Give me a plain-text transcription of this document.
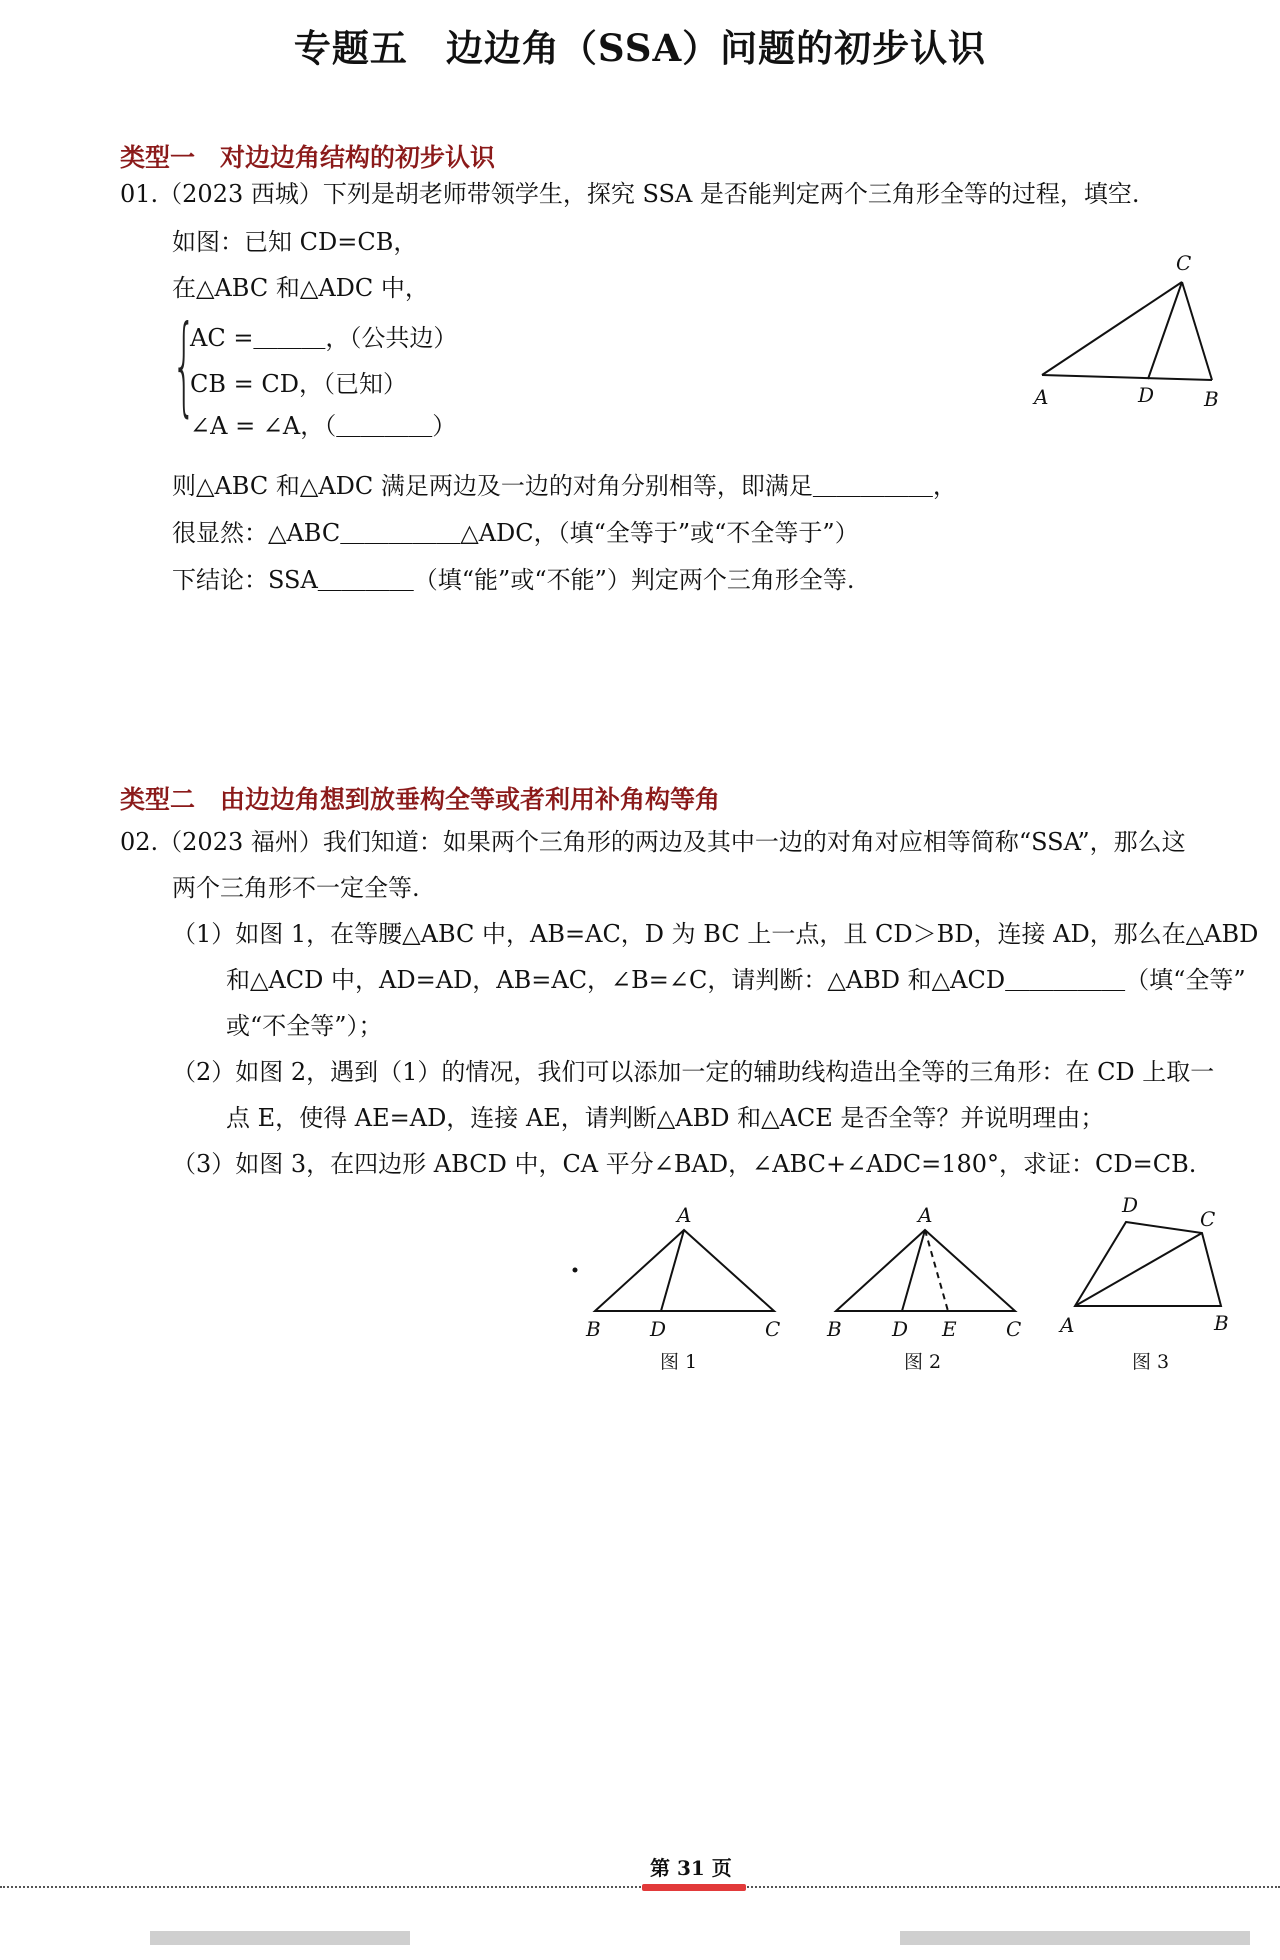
专题五　边边角（SSA）问题的初步认识
类型一　对边边角结构的初步认识
01.（2023 西城）下列是胡老师带领学生，探究 SSA 是否能判定两个三角形全等的过程，填空.
如图：已知 CD=CB，
在△ABC 和△ADC 中，
{
AC =＿＿＿，（公共边）
CB = CD，（已知）
∠A = ∠A，（＿＿＿＿）
则△ABC 和△ADC 满足两边及一边的对角分别相等，即满足＿＿＿＿＿，
很显然：△ABC＿＿＿＿＿△ADC，（填“全等于”或“不全等于”）
下结论：SSA＿＿＿＿（填“能”或“不能”）判定两个三角形全等.
C
A	D B
类型二　由边边角想到放垂构全等或者利用补角构等角
02.（2023 福州）我们知道：如果两个三角形的两边及其中一边的对角对应相等简称“SSA”，那么这
两个三角形不一定全等.
（1）如图 1，在等腰△ABC 中，AB=AC，D 为 BC 上一点，且 CD＞BD，连接 AD，那么在△ABD
和△ACD 中，AD=AD，AB=AC，∠B=∠C，请判断：△ABD 和△ACD＿＿＿＿＿（填“全等”
或“不全等”）；
（2）如图 2，遇到（1）的情况，我们可以添加一定的辅助线构造出全等的三角形：在 CD 上取一
点 E，使得 AE=AD，连接 AE，请判断△ABD 和△ACE 是否全等？并说明理由；
（3）如图 3，在四边形 ABCD 中，CA 平分∠BAD，∠ABC+∠ADC=180°，求证：CD=CB.
A
B D	C
图 1
A
B	D E C
图 2
D
C
A	B
图 3
第 31 页
